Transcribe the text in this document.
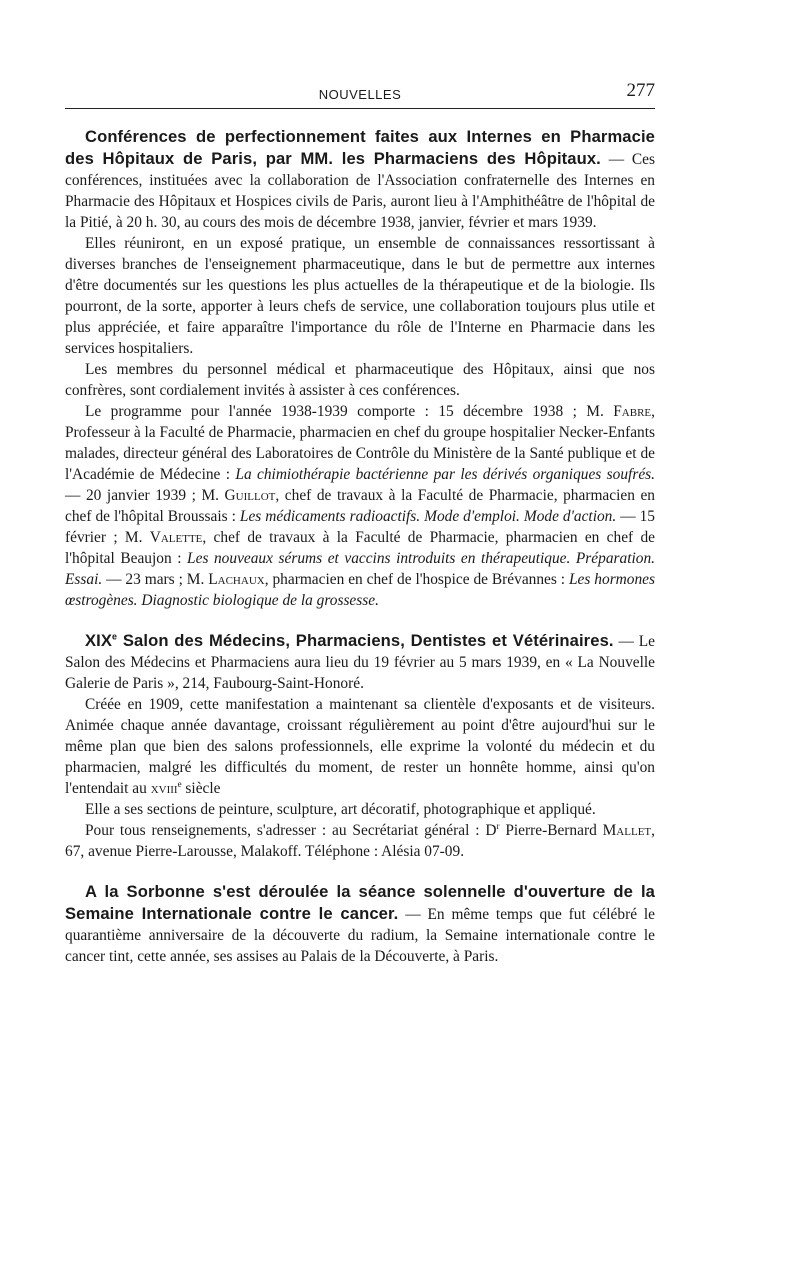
NOUVELLES	277

Conférences de perfectionnement faites aux Internes en Pharmacie des Hôpitaux de Paris, par MM. les Pharmaciens des Hôpitaux. — Ces conférences, instituées avec la collaboration de l'Association confraternelle des Internes en Pharmacie des Hôpitaux et Hospices civils de Paris, auront lieu à l'Amphithéâtre de l'hôpital de la Pitié, à 20 h. 30, au cours des mois de décembre 1938, janvier, février et mars 1939.

Elles réuniront, en un exposé pratique, un ensemble de connaissances ressortissant à diverses branches de l'enseignement pharmaceutique, dans le but de permettre aux internes d'être documentés sur les questions les plus actuelles de la thérapeutique et de la biologie. Ils pourront, de la sorte, apporter à leurs chefs de service, une collaboration toujours plus utile et plus appréciée, et faire apparaître l'importance du rôle de l'Interne en Pharmacie dans les services hospitaliers.

Les membres du personnel médical et pharmaceutique des Hôpitaux, ainsi que nos confrères, sont cordialement invités à assister à ces conférences.

Le programme pour l'année 1938-1939 comporte : 15 décembre 1938 ; M. Fabre, Professeur à la Faculté de Pharmacie, pharmacien en chef du groupe hospitalier Necker-Enfants malades, directeur général des Laboratoires de Contrôle du Ministère de la Santé publique et de l'Académie de Médecine : La chimiothérapie bactérienne par les dérivés organiques soufrés. — 20 janvier 1939 ; M. Guillot, chef de travaux à la Faculté de Pharmacie, pharmacien en chef de l'hôpital Broussais : Les médicaments radioactifs. Mode d'emploi. Mode d'action. — 15 février ; M. Valette, chef de travaux à la Faculté de Pharmacie, pharmacien en chef de l'hôpital Beaujon : Les nouveaux sérums et vaccins introduits en thérapeutique. Préparation. Essai. — 23 mars ; M. Lachaux, pharmacien en chef de l'hospice de Brévannes : Les hormones œstrogènes. Diagnostic biologique de la grossesse.

XIXe Salon des Médecins, Pharmaciens, Dentistes et Vétérinaires. — Le Salon des Médecins et Pharmaciens aura lieu du 19 février au 5 mars 1939, en « La Nouvelle Galerie de Paris », 214, Faubourg-Saint-Honoré.

Créée en 1909, cette manifestation a maintenant sa clientèle d'exposants et de visiteurs. Animée chaque année davantage, croissant régulièrement au point d'être aujourd'hui sur le même plan que bien des salons professionnels, elle exprime la volonté du médecin et du pharmacien, malgré les difficultés du moment, de rester un honnête homme, ainsi qu'on l'entendait au xviii$^e$ siècle

Elle a ses sections de peinture, sculpture, art décoratif, photographique et appliqué.

Pour tous renseignements, s'adresser : au Secrétariat général : $D^r$ Pierre-Bernard Mallet, 67, avenue Pierre-Larousse, Malakoff. Téléphone : Alésia 07-09.

A la Sorbonne s'est déroulée la séance solennelle d'ouverture de la Semaine Internationale contre le cancer. — En même temps que fut célébré le quarantième anniversaire de la découverte du radium, la Semaine internationale contre le cancer tint, cette année, ses assises au Palais de la Découverte, à Paris.
